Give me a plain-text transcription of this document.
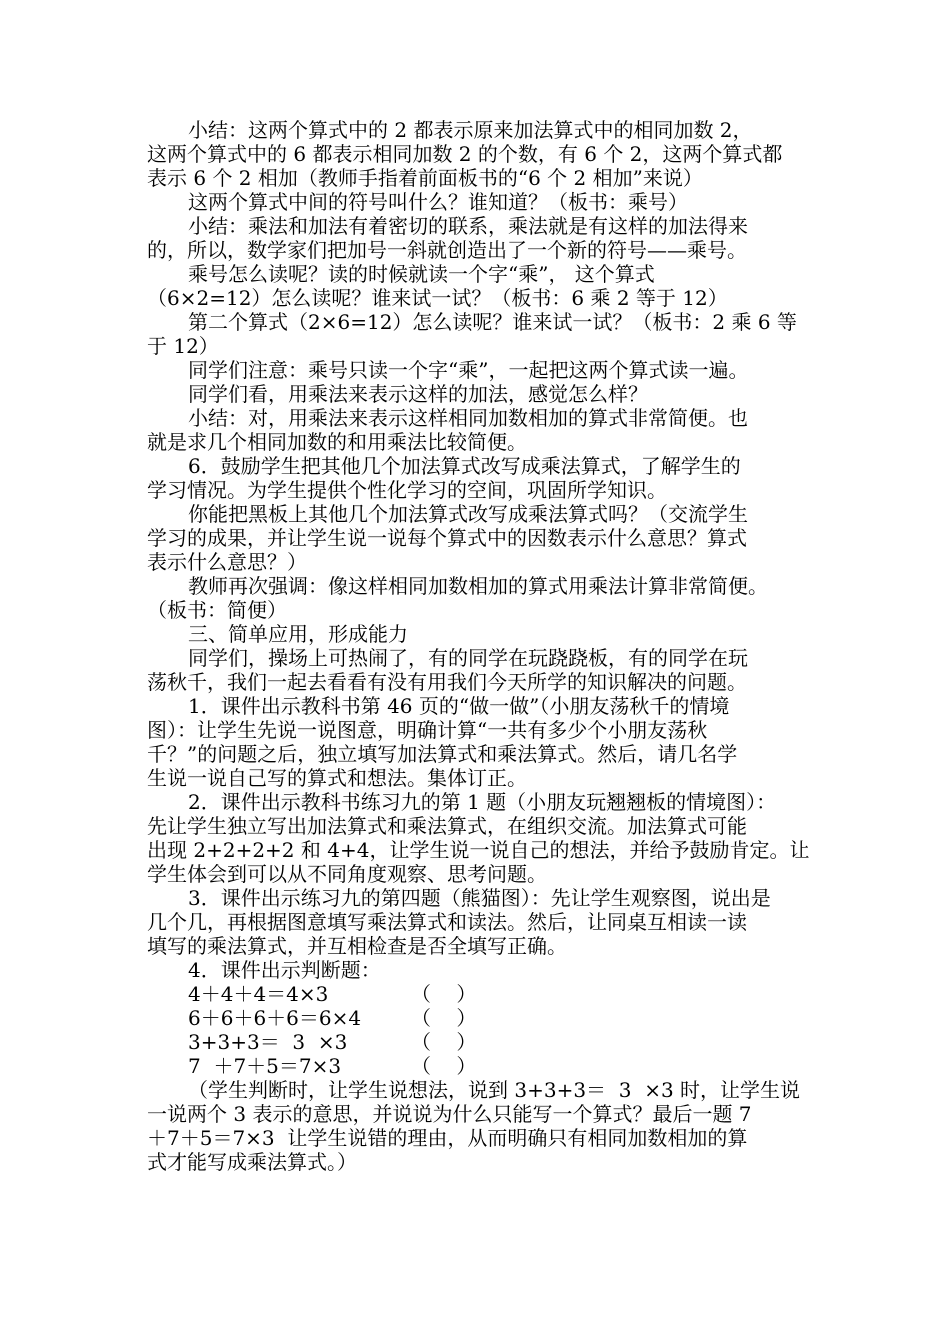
小结：这两个算式中的 2 都表示原来加法算式中的相同加数 2，

这两个算式中的 6 都表示相同加数 2 的个数，有 6 个 2，这两个算式都

表示 6 个 2 相加（教师手指着前面板书的“6 个 2 相加”来说）

这两个算式中间的符号叫什么？谁知道？（板书：乘号）

小结：乘法和加法有着密切的联系，乘法就是有这样的加法得来

的，所以，数学家们把加号一斜就创造出了一个新的符号——乘号。

乘号怎么读呢？读的时候就读一个字“乘”， 这个算式

（6×2=12）怎么读呢？谁来试一试？（板书：6 乘 2 等于 12）

第二个算式（2×6=12）怎么读呢？谁来试一试？（板书：2 乘 6 等

于 12）

同学们注意：乘号只读一个字“乘”，一起把这两个算式读一遍。

同学们看，用乘法来表示这样的加法，感觉怎么样？

小结：对，用乘法来表示这样相同加数相加的算式非常简便。也

就是求几个相同加数的和用乘法比较简便。

6．鼓励学生把其他几个加法算式改写成乘法算式，了解学生的

学习情况。为学生提供个性化学习的空间，巩固所学知识。

你能把黑板上其他几个加法算式改写成乘法算式吗？（交流学生

学习的成果，并让学生说一说每个算式中的因数表示什么意思？算式

表示什么意思？）

教师再次强调：像这样相同加数相加的算式用乘法计算非常简便。

（板书：简便）

三、简单应用，形成能力

同学们，操场上可热闹了，有的同学在玩跷跷板，有的同学在玩

荡秋千，我们一起去看看有没有用我们今天所学的知识解决的问题。

1．课件出示教科书第 46 页的“做一做”（小朋友荡秋千的情境

图）：让学生先说一说图意，明确计算“一共有多少个小朋友荡秋

千？”的问题之后，独立填写加法算式和乘法算式。然后，请几名学

生说一说自己写的算式和想法。集体订正。

2．课件出示教科书练习九的第 1 题（小朋友玩翘翘板的情境图）：

先让学生独立写出加法算式和乘法算式，在组织交流。加法算式可能

出现 2+2+2+2 和 4+4，让学生说一说自己的想法，并给予鼓励肯定。让

学生体会到可以从不同角度观察、思考问题。

3．课件出示练习九的第四题（熊猫图）：先让学生观察图，说出是

几个几，再根据图意填写乘法算式和读法。然后，让同桌互相读一读

填写的乘法算式，并互相检查是否全填写正确。

4．课件出示判断题：

4＋4＋4＝4×3	（    ）
6＋6＋6＋6＝6×4	（    ）
3+3+3＝  3  ×3	（    ）
7  ＋7＋5＝7×3	（    ）

（学生判断时，让学生说想法，说到 3+3+3＝  3  ×3 时，让学生说

一说两个 3 表示的意思，并说说为什么只能写一个算式？最后一题 7

＋7＋5＝7×3  让学生说错的理由，从而明确只有相同加数相加的算

式才能写成乘法算式。）
